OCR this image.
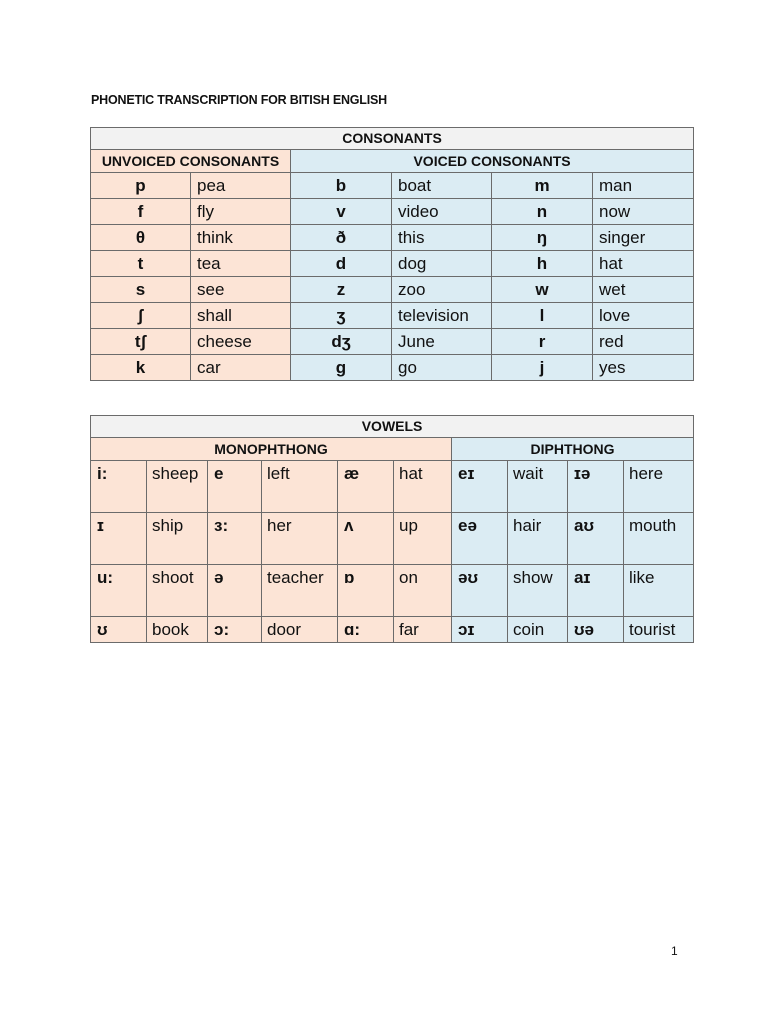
PHONETIC TRANSCRIPTION FOR BITISH ENGLISH
CONSONANTS					
UNVOICED CONSONANTS		VOICED CONSONANTS			
p	pea	b	boat	m	man
f	fly	v	video	n	now
θ	think	ð	this	ŋ	singer
t	tea	d	dog	h	hat
s	see	z	zoo	w	wet
ʃ	shall	ʒ	television	l	love
tʃ	cheese	dʒ	June	r	red
k	car	g	go	j	yes
VOWELS									
MONOPHTHONG						DIPHTHONG			
i:	sheep	e	left	æ	hat	eɪ	wait	ɪə	here
ɪ	ship	ɜ:	her	ʌ	up	eə	hair	aʊ	mouth
u:	shoot	ə	teacher	ɒ	on	əʊ	show	aɪ	like
ʊ	book	ɔ:	door	ɑ:	far	ɔɪ	coin	ʊə	tourist
1
